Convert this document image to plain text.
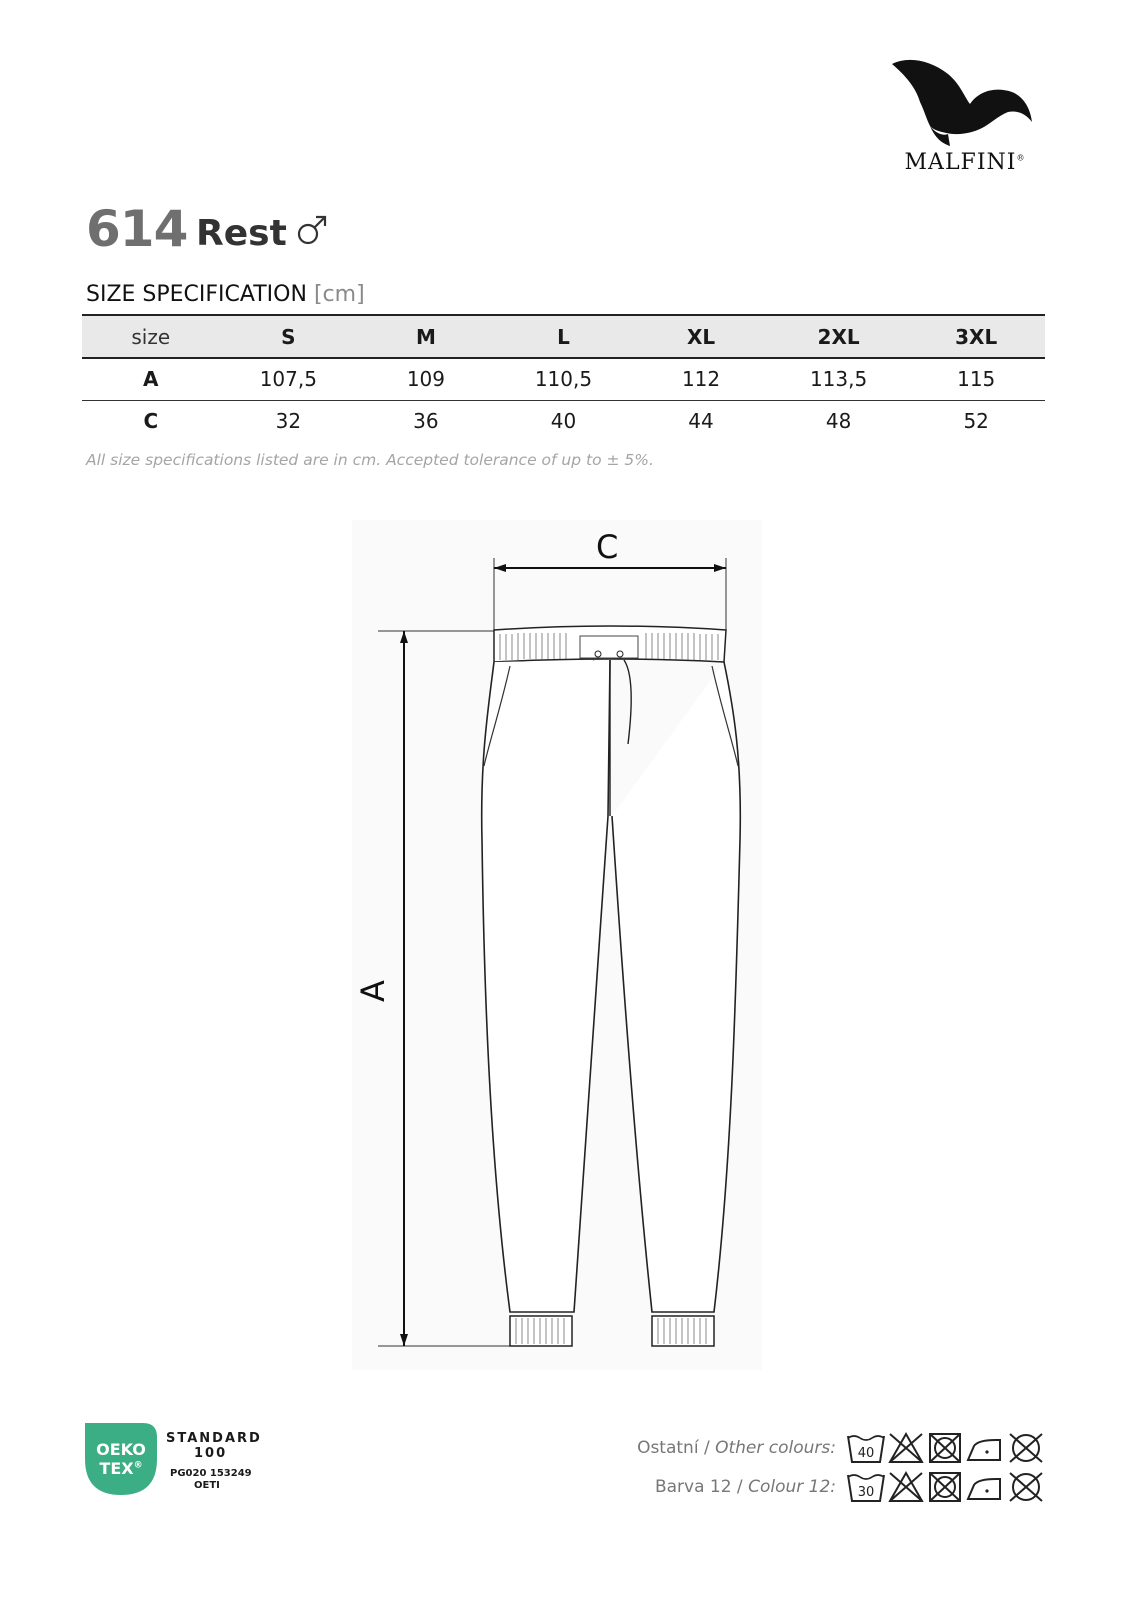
MALFINI®
614 Rest
SIZE SPECIFICATION [cm]
size	S	M	L	XL	2XL	3XL
A	107,5	109	110,5	112	113,5	115
C	32	36	40	44	48	52
All size specifications listed are in cm. Accepted tolerance of up to ± 5%.
C
A
OEKO
TEX®
STANDARD
100
PG020 153249
OETI
Ostatní / Other colours:
Barva 12 / Colour 12:
40
30
